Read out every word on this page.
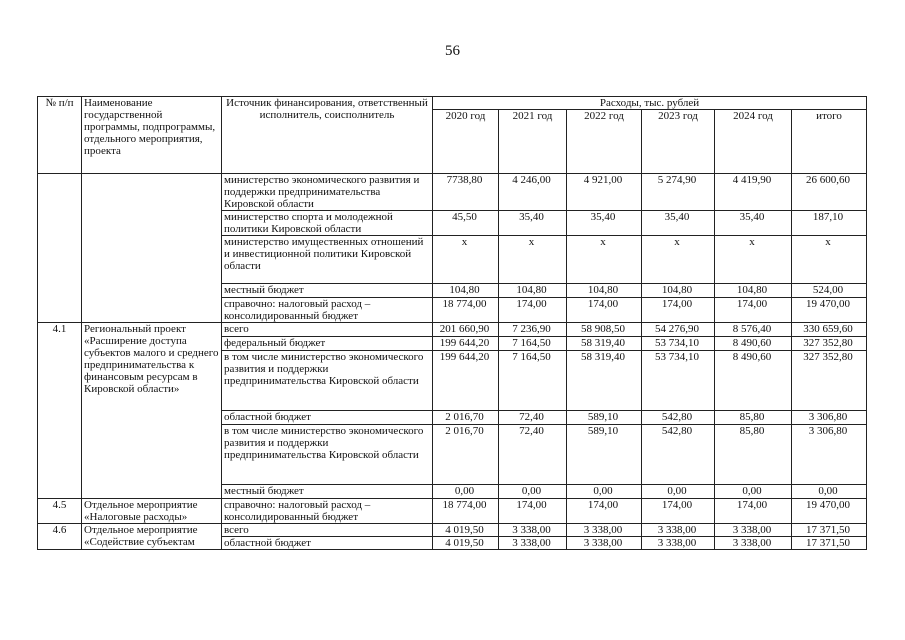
56
№ п/п	Наименование государственной программы, подпрограммы, отдельного мероприятия, проекта	Источник финансирования, ответственный исполнитель, соисполнитель	Расходы, тыс. рублей					
			2020 год	2021 год	2022 год	2023 год	2024 год	итого
		министерство экономического развития и поддержки предпринимательства Кировской области	7738,80	4 246,00	4 921,00	5 274,90	4 419,90	26 600,60
		министерство спорта и молодежной политики Кировской области	45,50	35,40	35,40	35,40	35,40	187,10
		министерство имущественных отношений и инвестиционной политики Кировской области	x	x	x	x	x	x
		местный бюджет	104,80	104,80	104,80	104,80	104,80	524,00
		справочно: налоговый расход – консолидированный бюджет	18 774,00	174,00	174,00	174,00	174,00	19 470,00
4.1	Региональный проект «Расширение доступа субъектов малого и среднего предпринимательства к финансовым ресурсам в Кировской области»	всего	201 660,90	7 236,90	58 908,50	54 276,90	8 576,40	330 659,60
		федеральный бюджет	199 644,20	7 164,50	58 319,40	53 734,10	8 490,60	327 352,80
		в том числе министерство экономического развития и поддержки предпринимательства Кировской области	199 644,20	7 164,50	58 319,40	53 734,10	8 490,60	327 352,80
		областной бюджет	2 016,70	72,40	589,10	542,80	85,80	3 306,80
		в том числе министерство экономического развития и поддержки предпринимательства Кировской области	2 016,70	72,40	589,10	542,80	85,80	3 306,80
		местный бюджет	0,00	0,00	0,00	0,00	0,00	0,00
4.5	Отдельное мероприятие «Налоговые расходы»	справочно: налоговый расход – консолидированный бюджет	18 774,00	174,00	174,00	174,00	174,00	19 470,00
4.6	Отдельное мероприятие «Содействие субъектам	всего	4 019,50	3 338,00	3 338,00	3 338,00	3 338,00	17 371,50
		областной бюджет	4 019,50	3 338,00	3 338,00	3 338,00	3 338,00	17 371,50
